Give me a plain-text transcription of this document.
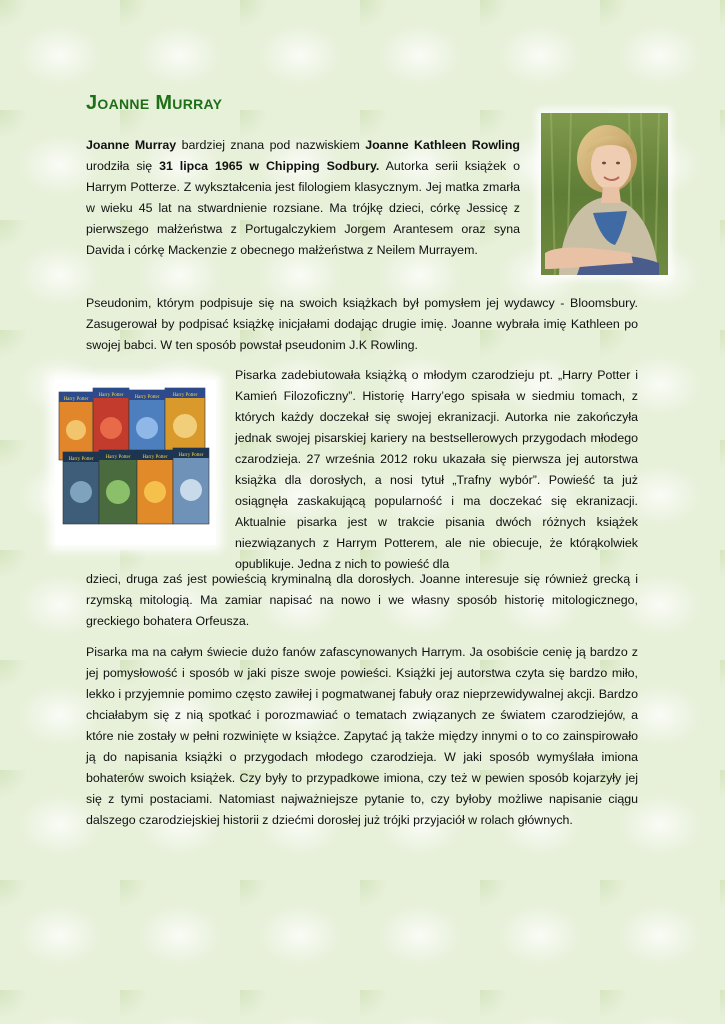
Joanne Murray

Joanne Murray bardziej znana pod nazwiskiem Joanne Kathleen Rowling urodziła się 31 lipca 1965 w Chipping Sodbury. Autorka serii książek o Harrym Potterze. Z wykształcenia jest filologiem klasycznym. Jej matka zmarła w wieku 45 lat na stwardnienie rozsiane. Ma trójkę dzieci, córkę Jessicę z pierwszego małżeństwa z Portugalczykiem Jorgem Arantesem oraz syna Davida i córkę Mackenzie z obecnego małżeństwa z Neilem Murrayem.

Pseudonim, którym podpisuje się na swoich książkach był pomysłem jej wydawcy - Bloomsbury. Zasugerował by podpisać książkę inicjałami dodając drugie imię. Joanne wybrała imię Kathleen po swojej babci. W ten sposób powstał pseudonim J.K Rowling.

Harry Potter
Harry Potter Harry Potter	Harry Potter
Harry Potter Harry Potter Harry Potter Harry Potter

Pisarka zadebiutowała książką o młodym czarodzieju pt. „Harry Potter i Kamień Filozoficzny”. Historię Harry’ego spisała w siedmiu tomach, z których każdy doczekał się swojej ekranizacji. Autorka nie zakończyła jednak swojej pisarskiej kariery na bestsellerowych przygodach młodego czarodzieja. 27 września 2012 roku ukazała się pierwsza jej autorstwa książka dla dorosłych, a nosi tytuł „Trafny wybór”. Powieść ta już osiągnęła zaskakującą popularność i ma doczekać się ekranizacji. Aktualnie pisarka jest w trakcie pisania dwóch różnych książek niezwiązanych z Harrym Potterem, ale nie obiecuje, że którąkolwiek opublikuje. Jedna z nich to powieść dla

dzieci, druga zaś jest powieścią kryminalną dla dorosłych. Joanne interesuje się również grecką i rzymską mitologią. Ma zamiar napisać na nowo i we własny sposób historię mitologicznego, greckiego bohatera Orfeusza.

Pisarka ma na całym świecie dużo fanów zafascynowanych Harrym. Ja osobiście cenię ją bardzo z jej pomysłowość i sposób w jaki pisze swoje powieści. Książki jej autorstwa czyta się bardzo miło, lekko i przyjemnie pomimo często zawiłej i pogmatwanej fabuły oraz nieprzewidywalnej akcji. Bardzo chciałabym się z nią spotkać i porozmawiać o tematach związanych ze światem czarodziejów, a które nie zostały w pełni rozwinięte w książce. Zapytać ją także między innymi o to co zainspirowało ją do napisania książki o przygodach młodego czarodzieja. W jaki sposób wymyślała imiona bohaterów swoich książek. Czy były to przypadkowe imiona, czy też w pewien sposób kojarzyły jej się z tymi postaciami. Natomiast najważniejsze pytanie to, czy byłoby możliwe napisanie ciągu dalszego czarodziejskiej historii z dziećmi dorosłej już trójki przyjaciół w rolach głównych.
